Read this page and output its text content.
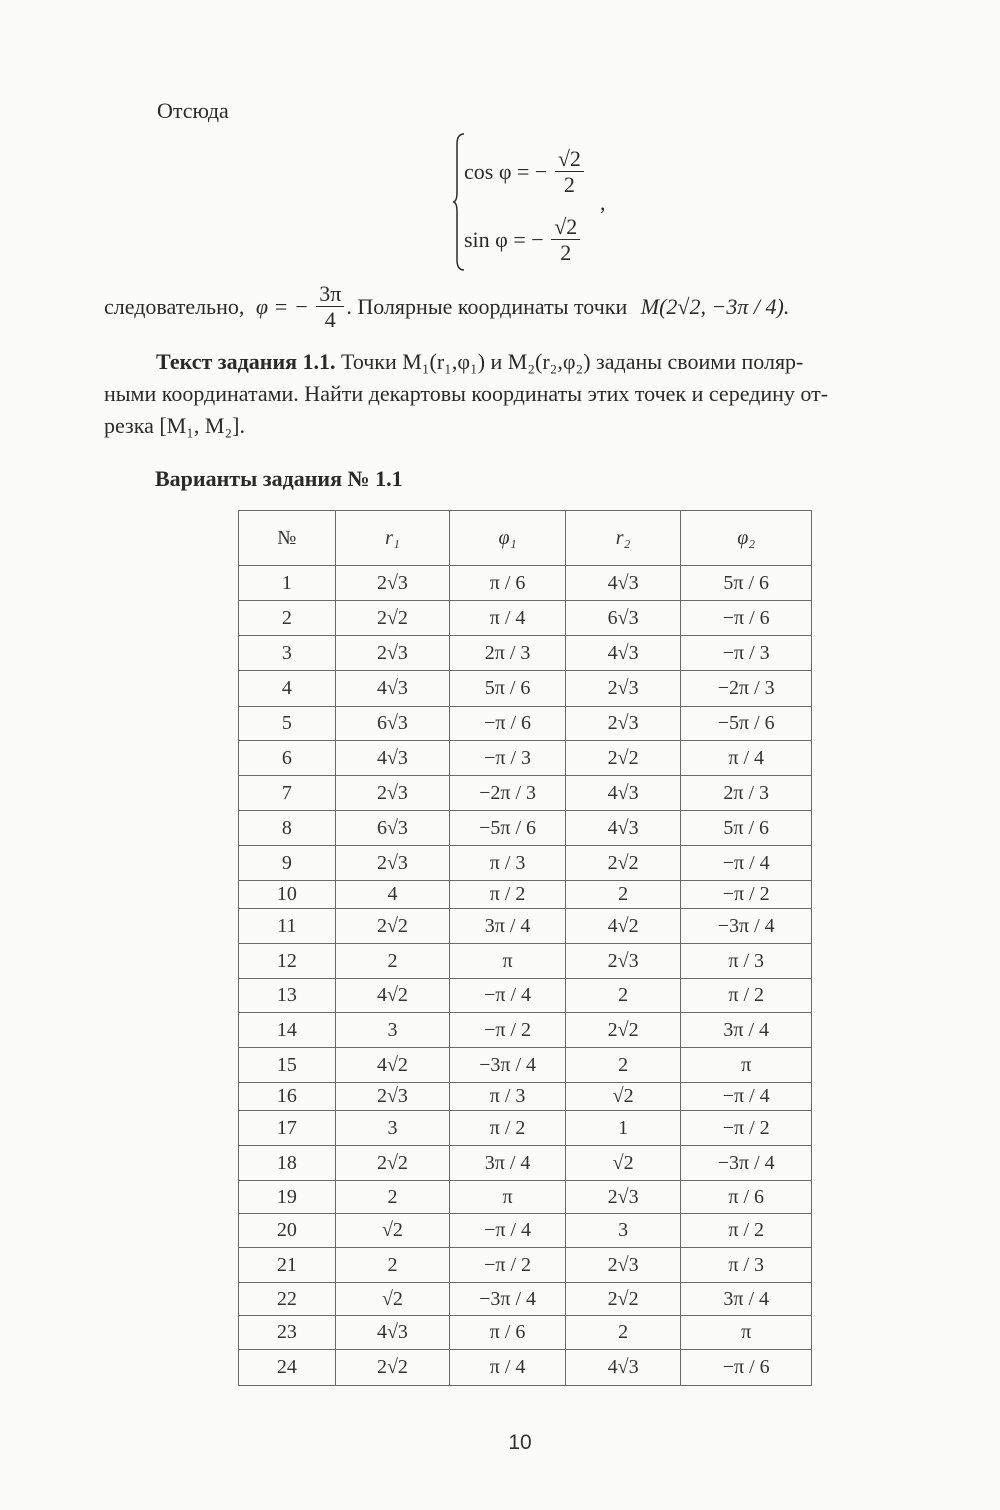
Отсюда
cos φ = − $\frac{√2}{2}$
,
sin φ = − $\frac{√2}{2}$
следовательно, φ = − $\frac{3\pi}{4}$ . Полярные координаты точки M(2√2, −3π / 4).
Текст задания 1.1. Точки M₁(r₁,φ₁) и M₂(r₂,φ₂) заданы своими поляр-
ными координатами. Найти декартовы координаты этих точек и середину от-
резка [M₁, M₂].
Варианты задания № 1.1
№	r₁	φ₁	r₂	φ₂
1	2√3	π / 6	4√3	5π / 6
2	2√2	π / 4	6√3	−π / 6
3	2√3	2π / 3	4√3	−π / 3
4	4√3	5π / 6	2√3	−2π / 3
5	6√3	−π / 6	2√3	−5π / 6
6	4√3	−π / 3	2√2	π / 4
7	2√3	−2π / 3	4√3	2π / 3
8	6√3	−5π / 6	4√3	5π / 6
9	2√3	π / 3	2√2	−π / 4
10	4	π / 2	2	−π / 2
11	2√2	3π / 4	4√2	−3π / 4
12	2	π	2√3	π / 3
13	4√2	−π / 4	2	π / 2
14	3	−π / 2	2√2	3π / 4
15	4√2	−3π / 4	2	π
16	2√3	π / 3	√2	−π / 4
17	3	π / 2	1	−π / 2
18	2√2	3π / 4	√2	−3π / 4
19	2	π	2√3	π / 6
20	√2	−π / 4	3	π / 2
21	2	−π / 2	2√3	π / 3
22	√2	−3π / 4	2√2	3π / 4
23	4√3	π / 6	2	π
24	2√2	π / 4	4√3	−π / 6
10
